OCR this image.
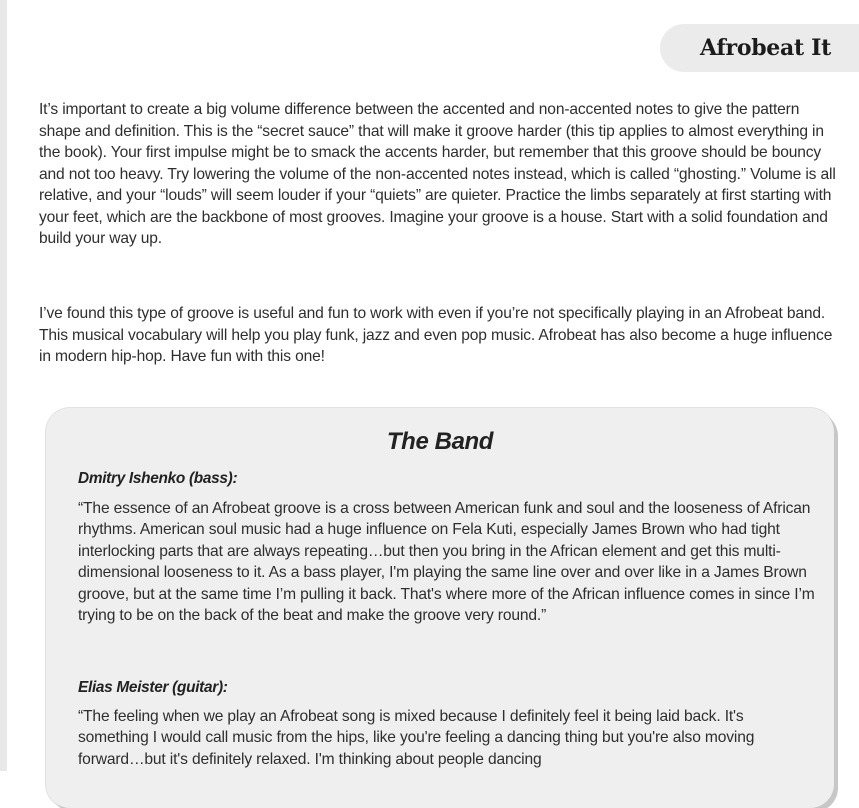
Afrobeat It

It’s important to create a big volume difference between the accented and non-accented notes to give the pattern shape and definition. This is the “secret sauce” that will make it groove harder (this tip applies to almost everything in the book). Your first impulse might be to smack the accents harder, but remember that this groove should be bouncy and not too heavy. Try lowering the volume of the non-accented notes instead, which is called “ghosting.” Volume is all relative, and your “louds” will seem louder if your “quiets” are quieter. Practice the limbs separately at first starting with your feet, which are the backbone of most grooves. Imagine your groove is a house. Start with a solid foundation and build your way up.

I’ve found this type of groove is useful and fun to work with even if you’re not specifically playing in an Afrobeat band. This musical vocabulary will help you play funk, jazz and even pop music. Afrobeat has also become a huge influence in modern hip-hop. Have fun with this one!

The Band

Dmitry Ishenko (bass):

“The essence of an Afrobeat groove is a cross between American funk and soul and the looseness of African rhythms. American soul music had a huge influence on Fela Kuti, especially James Brown who had tight interlocking parts that are always repeating…but then you bring in the African element and get this multi-dimensional looseness to it. As a bass player, I'm playing the same line over and over like in a James Brown groove, but at the same time I’m pulling it back. That's where more of the African influence comes in since I’m trying to be on the back of the beat and make the groove very round.”

Elias Meister (guitar):

“The feeling when we play an Afrobeat song is mixed because I definitely feel it being laid back. It's something I would call music from the hips, like you're feeling a dancing thing but you're also moving forward…but it's definitely relaxed. I'm thinking about people dancing
